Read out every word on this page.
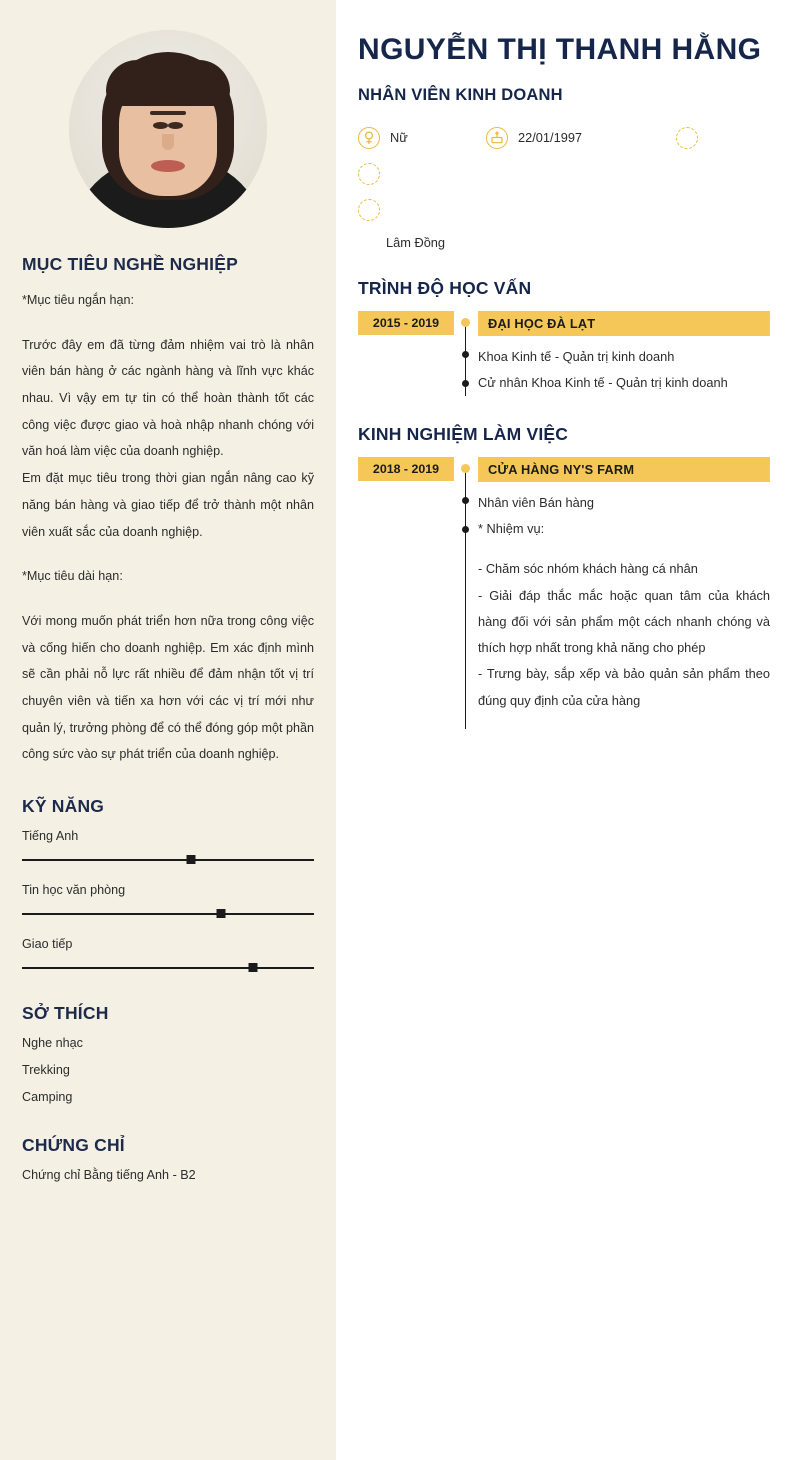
MỤC TIÊU NGHỀ NGHIỆP

*Mục tiêu ngắn hạn:

Trước đây em đã từng đảm nhiệm vai trò là nhân viên bán hàng ở các ngành hàng và lĩnh vực khác nhau. Vì vậy em tự tin có thể hoàn thành tốt các công việc được giao và hoà nhập nhanh chóng với văn hoá làm việc của doanh nghiệp.

Em đặt mục tiêu trong thời gian ngắn nâng cao kỹ năng bán hàng và giao tiếp để trở thành một nhân viên xuất sắc của doanh nghiệp.

*Mục tiêu dài hạn:

Với mong muốn phát triển hơn nữa trong công việc và cống hiến cho doanh nghiệp. Em xác định mình sẽ cần phải nỗ lực rất nhiều để đảm nhận tốt vị trí chuyên viên và tiến xa hơn với các vị trí mới như quản lý, trưởng phòng để có thể đóng góp một phần công sức vào sự phát triển của doanh nghiệp.

KỸ NĂNG
Tiếng Anh
Tin học văn phòng
Giao tiếp
SỞ THÍCH
Nghe nhạc
Trekking
Camping
CHỨNG CHỈ
Chứng chỉ Bằng tiếng Anh - B2
NGUYỄN THỊ THANH HẰNG
NHÂN VIÊN KINH DOANH
Nữ	22/01/1997
Lâm Đồng
TRÌNH ĐỘ HỌC VẤN
2015 - 2019	ĐẠI HỌC ĐÀ LẠT
Khoa Kinh tế - Quản trị kinh doanh
Cử nhân Khoa Kinh tế - Quản trị kinh doanh
KINH NGHIỆM LÀM VIỆC
2018 - 2019	CỬA HÀNG NY'S FARM
Nhân viên Bán hàng
* Nhiệm vụ:

- Chăm sóc nhóm khách hàng cá nhân

- Giải đáp thắc mắc hoặc quan tâm của khách hàng đối với sản phẩm một cách nhanh chóng và thích hợp nhất trong khả năng cho phép

- Trưng bày, sắp xếp và bảo quản sản phẩm theo đúng quy định của cửa hàng
